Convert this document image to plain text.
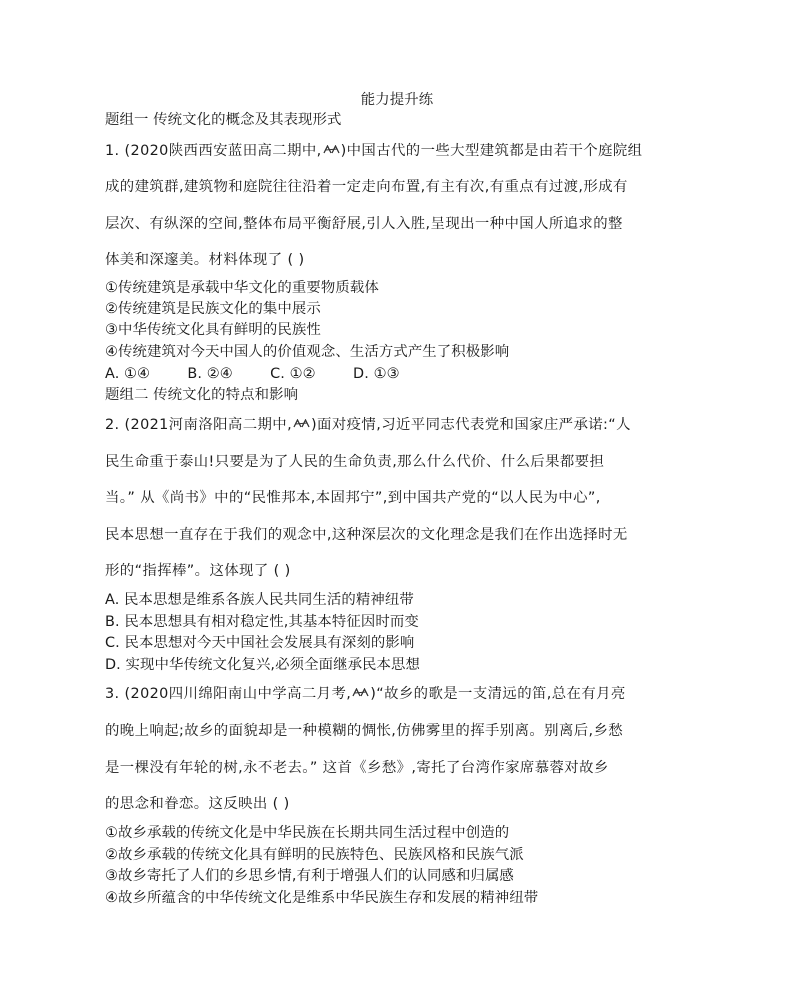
能力提升练

题组一 传统文化的概念及其表现形式

1. (2020陕西西安蓝田高二期中, )中国古代的一些大型建筑都是由若干个庭院组

成的建筑群,建筑物和庭院往往沿着一定走向布置,有主有次,有重点有过渡,形成有

层次、有纵深的空间,整体布局平衡舒展,引人入胜,呈现出一种中国人所追求的整

体美和深邃美。材料体现了 ( )

①传统建筑是承载中华文化的重要物质载体

②传统建筑是民族文化的集中展示

③中华传统文化具有鲜明的民族性

④传统建筑对今天中国人的价值观念、生活方式产生了积极影响

A. ①④        B. ②④        C. ①②        D. ①③

题组二 传统文化的特点和影响

2. (2021河南洛阳高二期中, )面对疫情,习近平同志代表党和国家庄严承诺:“人

民生命重于泰山!只要是为了人民的生命负责,那么什么代价、什么后果都要担

当。” 从《尚书》中的“民惟邦本,本固邦宁”,到中国共产党的“以人民为中心”,

民本思想一直存在于我们的观念中,这种深层次的文化理念是我们在作出选择时无

形的“指挥棒”。这体现了 ( )

A. 民本思想是维系各族人民共同生活的精神纽带

B. 民本思想具有相对稳定性,其基本特征因时而变

C. 民本思想对今天中国社会发展具有深刻的影响

D. 实现中华传统文化复兴,必须全面继承民本思想

3. (2020四川绵阳南山中学高二月考, )“故乡的歌是一支清远的笛,总在有月亮

的晚上响起;故乡的面貌却是一种模糊的惆怅,仿佛雾里的挥手别离。别离后,乡愁

是一棵没有年轮的树,永不老去。” 这首《乡愁》,寄托了台湾作家席慕蓉对故乡

的思念和眷恋。这反映出 ( )

①故乡承载的传统文化是中华民族在长期共同生活过程中创造的

②故乡承载的传统文化具有鲜明的民族特色、民族风格和民族气派

③故乡寄托了人们的乡思乡情,有利于增强人们的认同感和归属感

④故乡所蕴含的中华传统文化是维系中华民族生存和发展的精神纽带
